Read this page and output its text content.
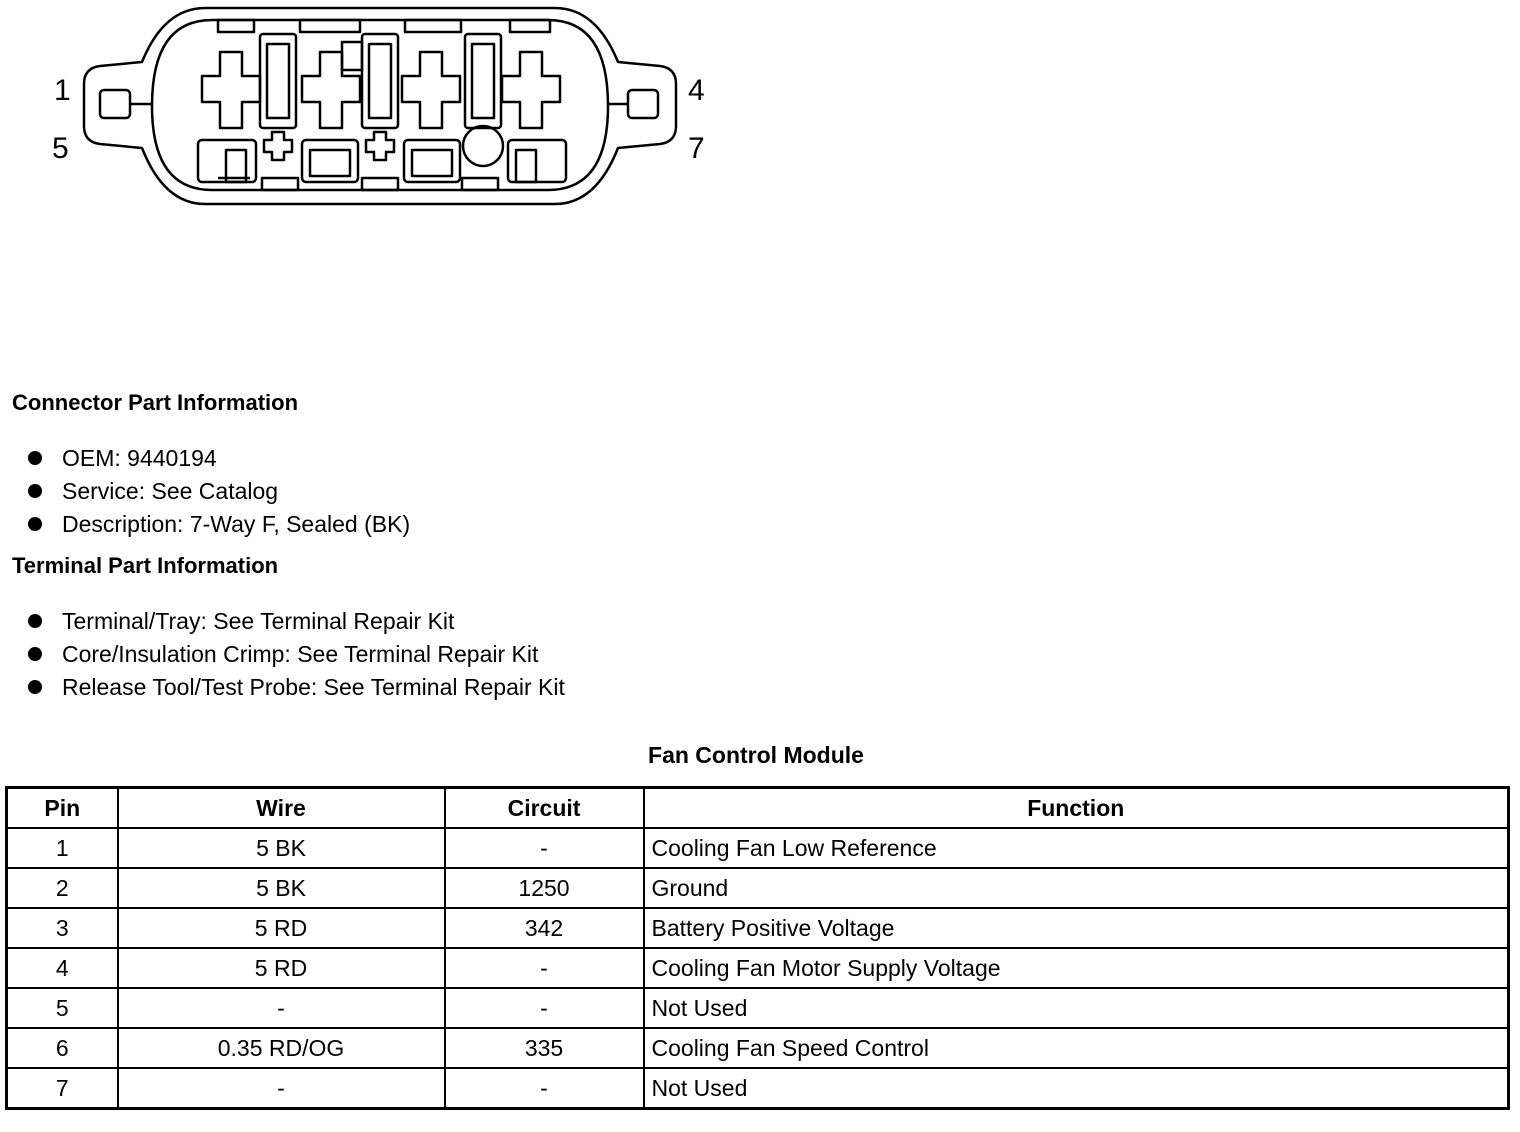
1
5
4
7
Connector Part Information
OEM: 9440194
Service: See Catalog
Description: 7-Way F, Sealed (BK)
Terminal Part Information
Terminal/Tray: See Terminal Repair Kit
Core/Insulation Crimp: See Terminal Repair Kit
Release Tool/Test Probe: See Terminal Repair Kit
Fan Control Module
Pin	Wire	Circuit	Function
1	5 BK	-	Cooling Fan Low Reference
2	5 BK	1250	Ground
3	5 RD	342	Battery Positive Voltage
4	5 RD	-	Cooling Fan Motor Supply Voltage
5	-	-	Not Used
6	0.35 RD/OG	335	Cooling Fan Speed Control
7	-	-	Not Used
